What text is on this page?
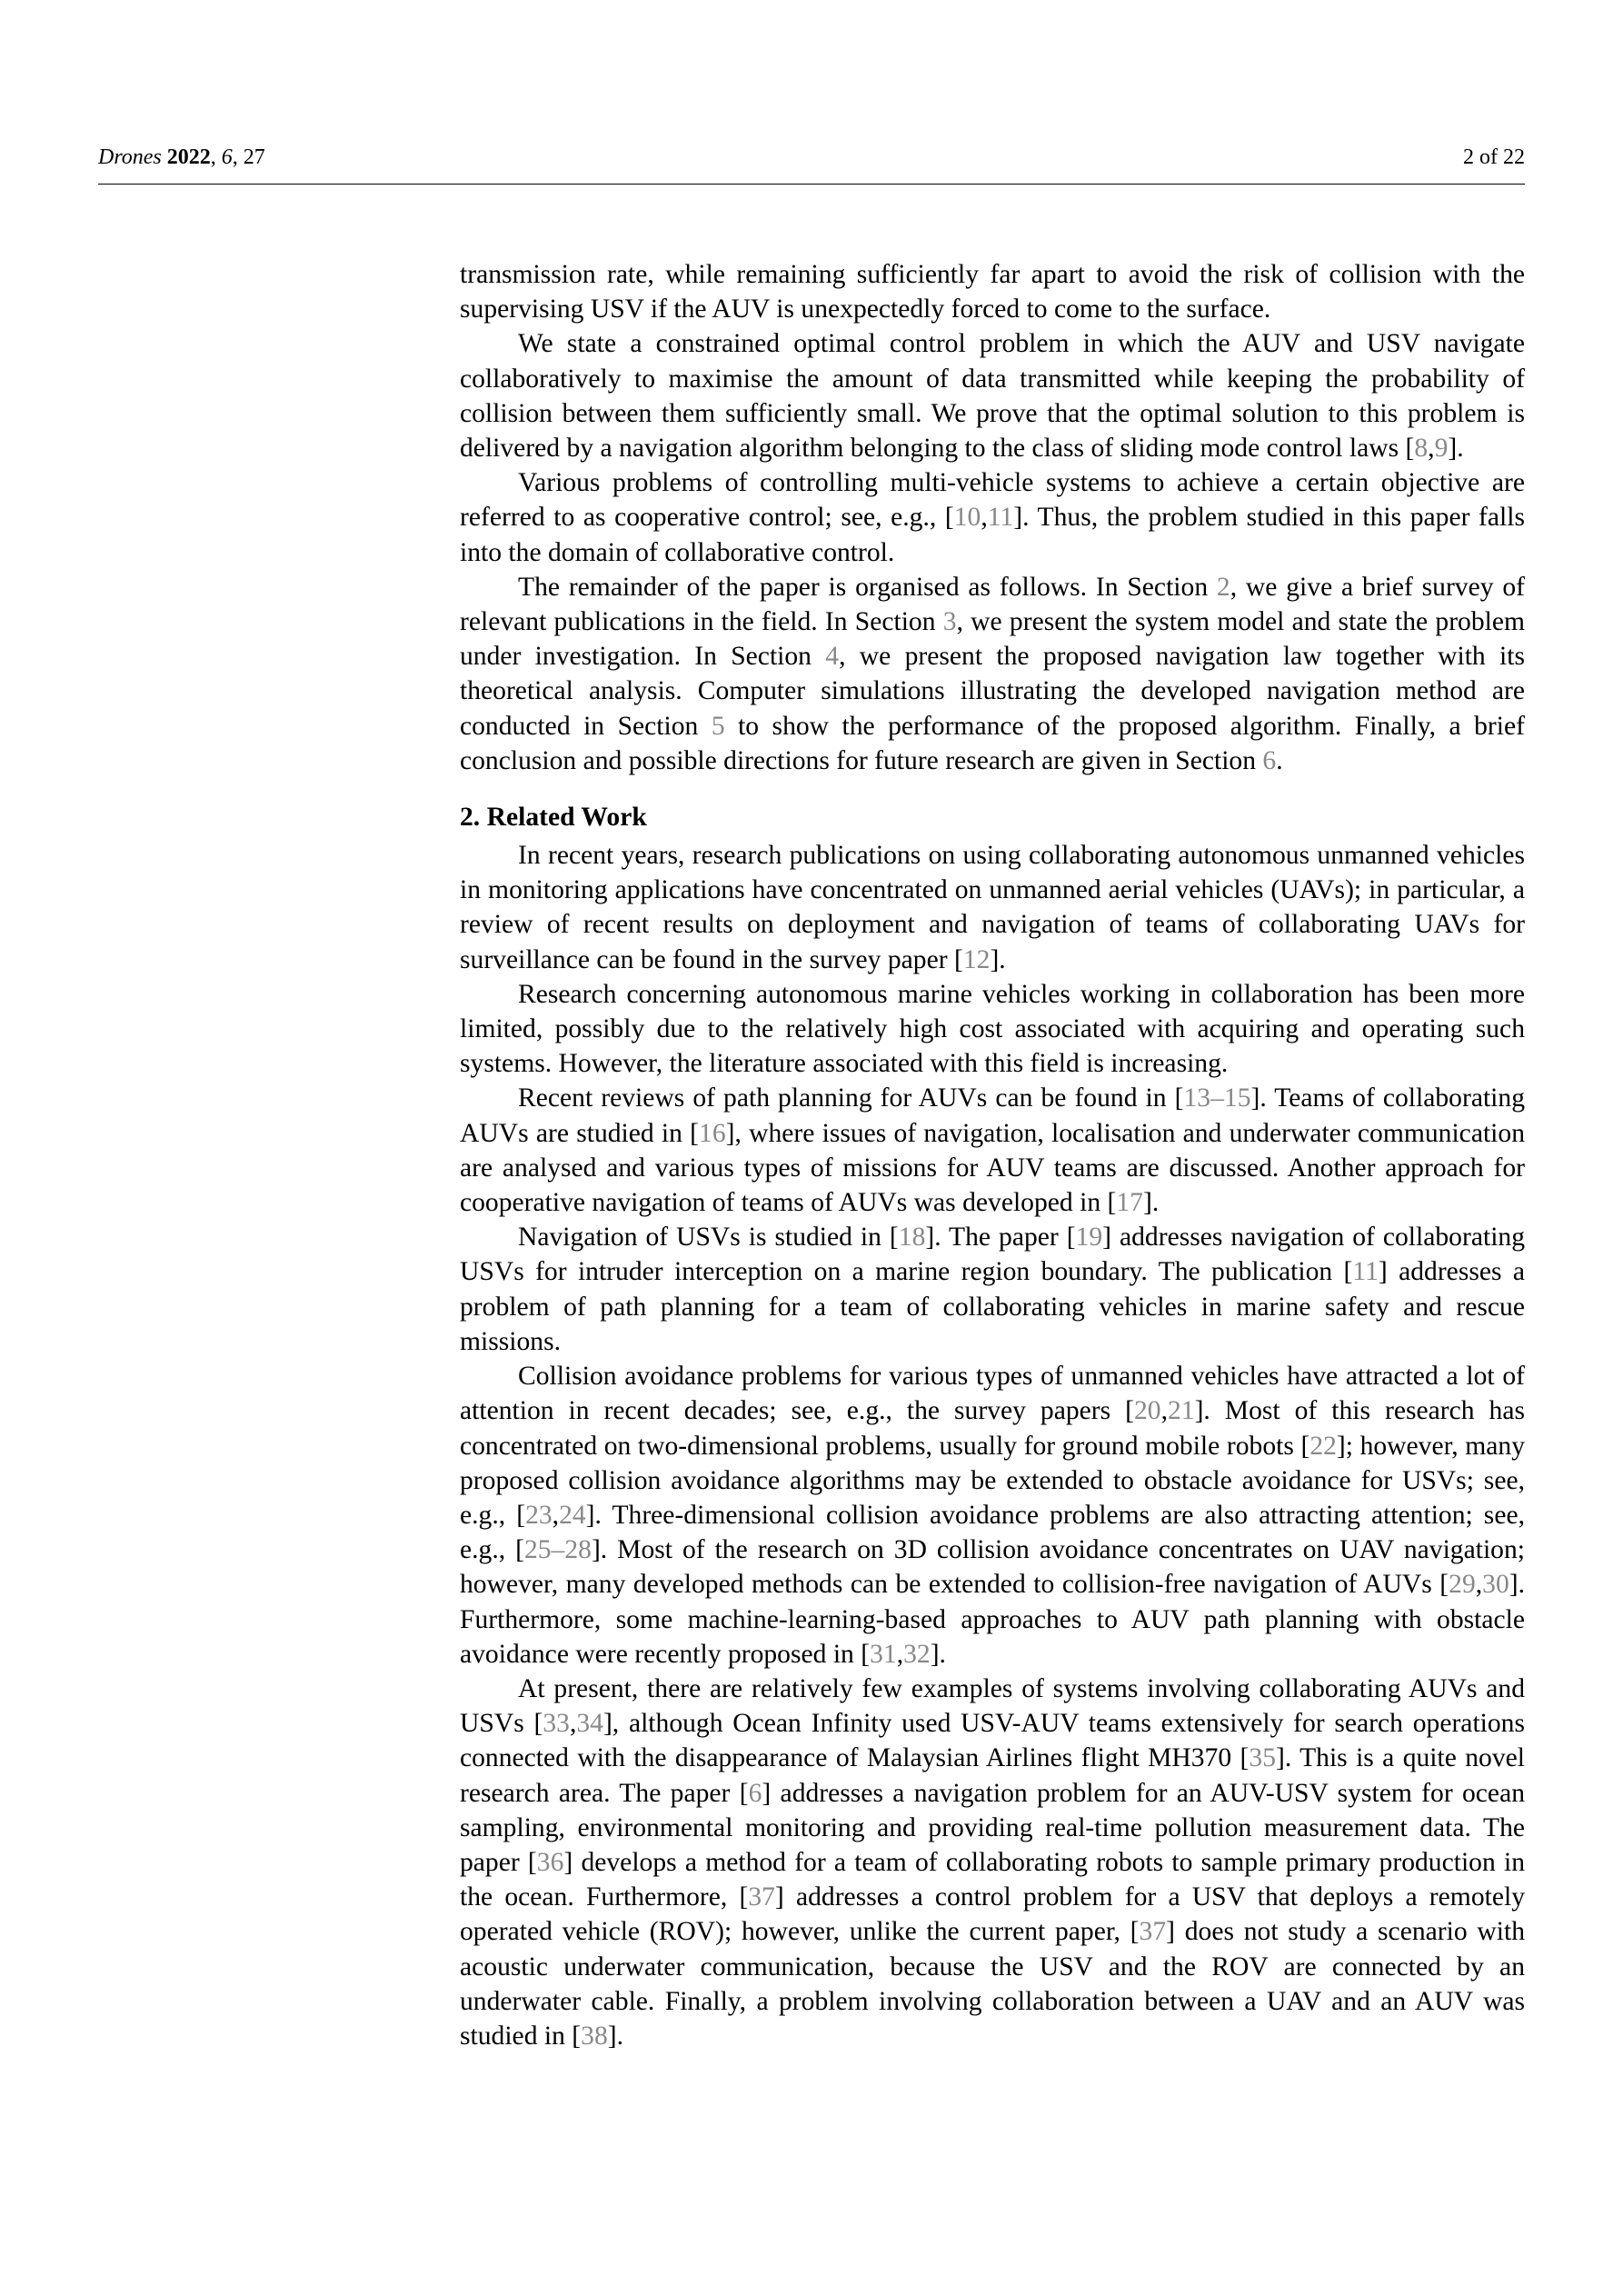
Drones 2022, 6, 27	2 of 22

transmission rate, while remaining sufficiently far apart to avoid the risk of collision with the supervising USV if the AUV is unexpectedly forced to come to the surface.

We state a constrained optimal control problem in which the AUV and USV navigate collaboratively to maximise the amount of data transmitted while keeping the probability of collision between them sufficiently small. We prove that the optimal solution to this problem is delivered by a navigation algorithm belonging to the class of sliding mode control laws [8,9].

Various problems of controlling multi-vehicle systems to achieve a certain objective are referred to as cooperative control; see, e.g., [10,11]. Thus, the problem studied in this paper falls into the domain of collaborative control.

The remainder of the paper is organised as follows. In Section 2, we give a brief survey of relevant publications in the field. In Section 3, we present the system model and state the problem under investigation. In Section 4, we present the proposed navigation law together with its theoretical analysis. Computer simulations illustrating the developed navigation method are conducted in Section 5 to show the performance of the proposed algorithm. Finally, a brief conclusion and possible directions for future research are given in Section 6.

2. Related Work

In recent years, research publications on using collaborating autonomous unmanned vehicles in monitoring applications have concentrated on unmanned aerial vehicles (UAVs); in particular, a review of recent results on deployment and navigation of teams of collaborating UAVs for surveillance can be found in the survey paper [12].

Research concerning autonomous marine vehicles working in collaboration has been more limited, possibly due to the relatively high cost associated with acquiring and operating such systems. However, the literature associated with this field is increasing.

Recent reviews of path planning for AUVs can be found in [13–15]. Teams of collaborating AUVs are studied in [16], where issues of navigation, localisation and underwater communication are analysed and various types of missions for AUV teams are discussed. Another approach for cooperative navigation of teams of AUVs was developed in [17].

Navigation of USVs is studied in [18]. The paper [19] addresses navigation of collaborating USVs for intruder interception on a marine region boundary. The publication [11] addresses a problem of path planning for a team of collaborating vehicles in marine safety and rescue missions.

Collision avoidance problems for various types of unmanned vehicles have attracted a lot of attention in recent decades; see, e.g., the survey papers [20,21]. Most of this research has concentrated on two-dimensional problems, usually for ground mobile robots [22]; however, many proposed collision avoidance algorithms may be extended to obstacle avoidance for USVs; see, e.g., [23,24]. Three-dimensional collision avoidance problems are also attracting attention; see, e.g., [25–28]. Most of the research on 3D collision avoidance concentrates on UAV navigation; however, many developed methods can be extended to collision-free navigation of AUVs [29,30]. Furthermore, some machine-learning-based approaches to AUV path planning with obstacle avoidance were recently proposed in [31,32].

At present, there are relatively few examples of systems involving collaborating AUVs and USVs [33,34], although Ocean Infinity used USV-AUV teams extensively for search operations connected with the disappearance of Malaysian Airlines flight MH370 [35]. This is a quite novel research area. The paper [6] addresses a navigation problem for an AUV-USV system for ocean sampling, environmental monitoring and providing real-time pollution measurement data. The paper [36] develops a method for a team of collaborating robots to sample primary production in the ocean. Furthermore, [37] addresses a control problem for a USV that deploys a remotely operated vehicle (ROV); however, unlike the current paper, [37] does not study a scenario with acoustic underwater communication, because the USV and the ROV are connected by an underwater cable. Finally, a problem involving collaboration between a UAV and an AUV was studied in [38].
